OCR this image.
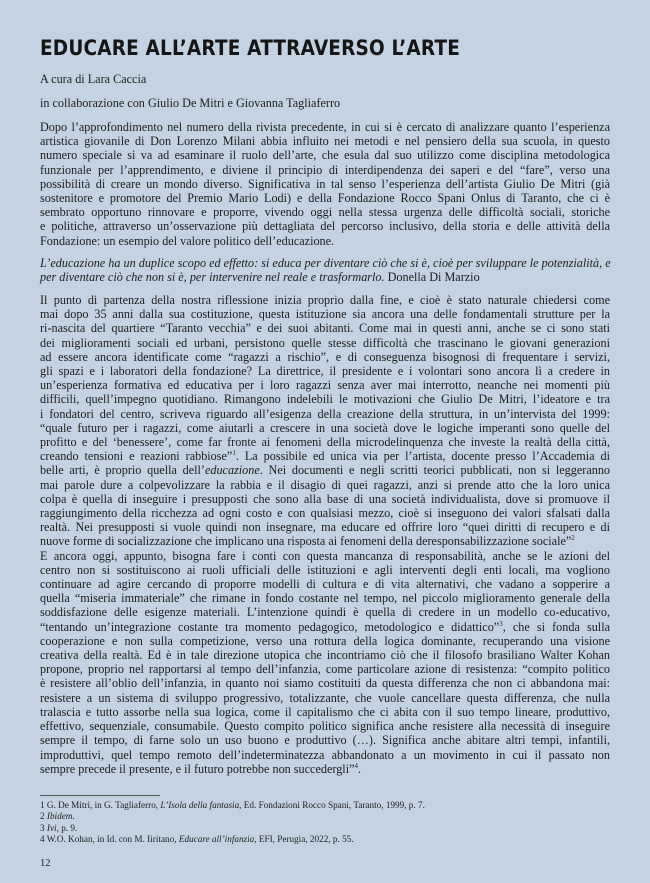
EDUCARE ALL’ARTE ATTRAVERSO L’ARTE
A cura di Lara Caccia
in collaborazione con Giulio De Mitri e Giovanna Tagliaferro
Dopo l’approfondimento nel numero della rivista precedente, in cui si è cercato di analizzare quanto l’esperienza
artistica giovanile di Don Lorenzo Milani abbia influito nei metodi e nel pensiero della sua scuola, in questo
numero speciale si va ad esaminare il ruolo dell’arte, che esula dal suo utilizzo come disciplina metodologica
funzionale per l’apprendimento, e diviene il principio di interdipendenza dei saperi e del “fare”, verso una
possibilità di creare un mondo diverso. Significativa in tal senso l’esperienza dell’artista Giulio De Mitri (già
sostenitore e promotore del Premio Mario Lodi) e della Fondazione Rocco Spani Onlus di Taranto, che ci è
sembrato opportuno rinnovare e proporre, vivendo oggi nella stessa urgenza delle difficoltà sociali, storiche
e politiche, attraverso un’osservazione più dettagliata del percorso inclusivo, della storia e delle attività della
Fondazione: un esempio del valore politico dell’educazione.
L’educazione ha un duplice scopo ed effetto: si educa per diventare ciò che si è, cioè per sviluppare le potenzialità, e
per diventare ciò che non si è, per intervenire nel reale e trasformarlo. Donella Di Marzio
Il punto di partenza della nostra riflessione inizia proprio dalla fine, e cioè è stato naturale chiedersi come
mai dopo 35 anni dalla sua costituzione, questa istituzione sia ancora una delle fondamentali strutture per la
ri-nascita del quartiere “Taranto vecchia” e dei suoi abitanti. Come mai in questi anni, anche se ci sono stati
dei miglioramenti sociali ed urbani, persistono quelle stesse difficoltà che trascinano le giovani generazioni
ad essere ancora identificate come “ragazzi a rischio”, e di conseguenza bisognosi di frequentare i servizi,
gli spazi e i laboratori della fondazione? La direttrice, il presidente e i volontari sono ancora lì a credere in
un’esperienza formativa ed educativa per i loro ragazzi senza aver mai interrotto, neanche nei momenti più
difficili, quell’impegno quotidiano. Rimangono indelebili le motivazioni che Giulio De Mitri, l’ideatore e tra
i fondatori del centro, scriveva riguardo all’esigenza della creazione della struttura, in un’intervista del 1999:
“quale futuro per i ragazzi, come aiutarli a crescere in una società dove le logiche imperanti sono quelle del
profitto e del ‘benessere’, come far fronte ai fenomeni della microdelinquenza che investe la realtà della città,
creando tensioni e reazioni rabbiose”$^1$. La possibile ed unica via per l’artista, docente presso l’Accademia di
belle arti, è proprio quella dell’educazione. Nei documenti e negli scritti teorici pubblicati, non si leggeranno
mai parole dure a colpevolizzare la rabbia e il disagio di quei ragazzi, anzi si prende atto che la loro unica
colpa è quella di inseguire i presupposti che sono alla base di una società individualista, dove si promuove il
raggiungimento della ricchezza ad ogni costo e con qualsiasi mezzo, cioè si inseguono dei valori sfalsati dalla
realtà. Nei presupposti si vuole quindi non insegnare, ma educare ed offrire loro “quei diritti di recupero e di
nuove forme di socializzazione che implicano una risposta ai fenomeni della deresponsabilizzazione sociale”$^2$
E ancora oggi, appunto, bisogna fare i conti con questa mancanza di responsabilità, anche se le azioni del
centro non si sostituiscono ai ruoli ufficiali delle istituzioni e agli interventi degli enti locali, ma vogliono
continuare ad agire cercando di proporre modelli di cultura e di vita alternativi, che vadano a sopperire a
quella “miseria immateriale” che rimane in fondo costante nel tempo, nel piccolo miglioramento generale della
soddisfazione delle esigenze materiali. L’intenzione quindi è quella di credere in un modello co-educativo,
“tentando un’integrazione costante tra momento pedagogico, metodologico e didattico”$^3$, che si fonda sulla
cooperazione e non sulla competizione, verso una rottura della logica dominante, recuperando una visione
creativa della realtà. Ed è in tale direzione utopica che incontriamo ciò che il filosofo brasiliano Walter Kohan
propone, proprio nel rapportarsi al tempo dell’infanzia, come particolare azione di resistenza: “compito politico
è resistere all’oblio dell’infanzia, in quanto noi siamo costituiti da questa differenza che non ci abbandona mai:
resistere a un sistema di sviluppo progressivo, totalizzante, che vuole cancellare questa differenza, che nulla
tralascia e tutto assorbe nella sua logica, come il capitalismo che ci abita con il suo tempo lineare, produttivo,
effettivo, sequenziale, consumabile. Questo compito politico significa anche resistere alla necessità di inseguire
sempre il tempo, di farne solo un uso buono e produttivo (…). Significa anche abitare altri tempi, infantili,
improduttivi, quel tempo remoto dell’indeterminatezza abbandonato a un movimento in cui il passato non
sempre precede il presente, e il futuro potrebbe non succedergli”$^4$.
1 G. De Mitri, in G. Tagliaferro, L’Isola della fantasia, Ed. Fondazioni Rocco Spani, Taranto, 1999, p. 7.
2 Ibidem.
3 Ivi, p. 9.
4 W.O. Kohan, in Id. con M. Iiritano, Educare all’infanzia, EFI, Perugia, 2022, p. 55.
12
